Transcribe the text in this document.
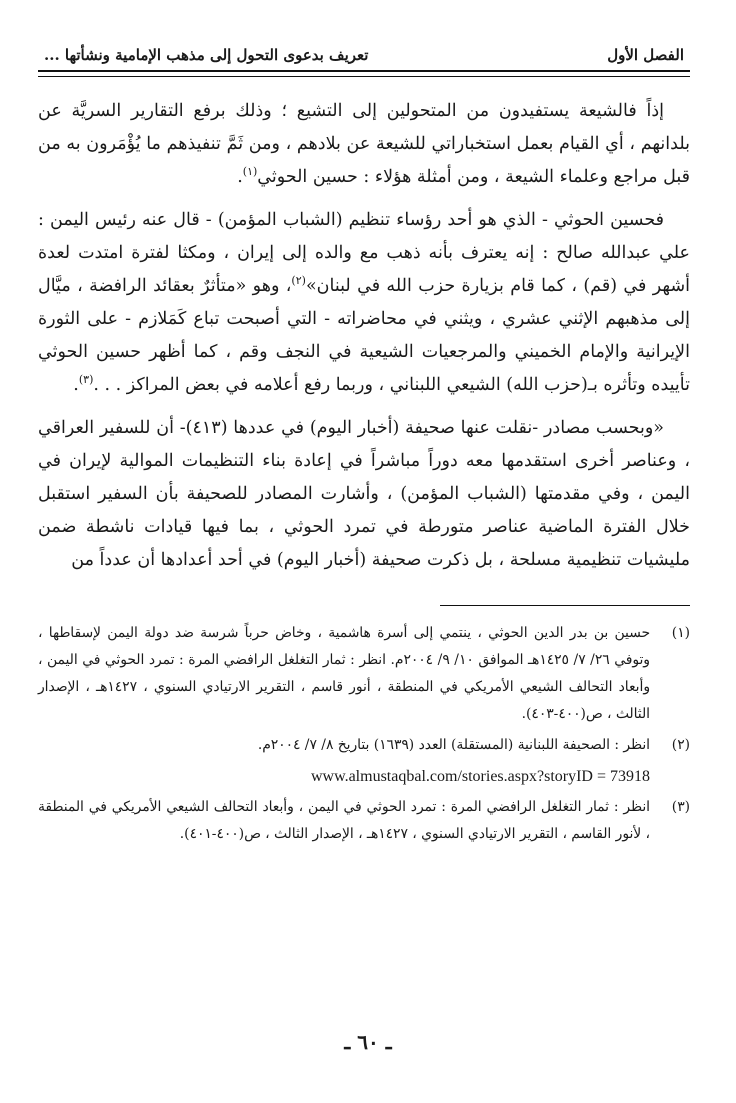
الفصل الأول
تعريف بدعوى التحول إلى مذهب الإمامية ونشأتها ...

إذاً فالشيعة يستفيدون من المتحولين إلى التشيع ؛ وذلك برفع التقارير السريَّة عن بلدانهم ، أي القيام بعمل استخباراتي للشيعة عن بلادهم ، ومن ثَمَّ تنفيذهم ما يُؤْمَرون به من قبل مراجع وعلماء الشيعة ، ومن أمثلة هؤلاء : حسين الحوثي$^{(١)}$.

فحسين الحوثي - الذي هو أحد رؤساء تنظيم (الشباب المؤمن) - قال عنه رئيس اليمن : علي عبدالله صالح : إنه يعترف بأنه ذهب مع والده إلى إيران ، ومكثا لفترة امتدت لعدة أشهر في (قم) ، كما قام بزيارة حزب الله في لبنان»$^{(٢)}$، وهو «متأثرٌ بعقائد الرافضة ، ميَّال إلى مذهبهم الإثني عشري ، ويثني في محاضراته - التي أصبحت تباع كَمَلازم - على الثورة الإيرانية والإمام الخميني والمرجعيات الشيعية في النجف وقم ، كما أظهر حسين الحوثي تأييده وتأثره بـ(حزب الله) الشيعي اللبناني ، وربما رفع أعلامه في بعض المراكز . . .$^{(٣)}$.

«وبحسب مصادر -نقلت عنها صحيفة (أخبار اليوم) في عددها (٤١٣)- أن للسفير العراقي ، وعناصر أخرى استقدمها معه دوراً مباشراً في إعادة بناء التنظيمات الموالية لإيران في اليمن ، وفي مقدمتها (الشباب المؤمن) ، وأشارت المصادر للصحيفة بأن السفير استقبل خلال الفترة الماضية عناصر متورطة في تمرد الحوثي ، بما فيها قيادات ناشطة ضمن مليشيات تنظيمية مسلحة ، بل ذكرت صحيفة (أخبار اليوم) في أحد أعدادها أن عدداً من

(١)
حسين بن بدر الدين الحوثي ، ينتمي إلى أسرة هاشمية ، وخاض حرباً شرسة ضد دولة اليمن لإسقاطها ، وتوفي ٢٦/ ٧/ ١٤٢٥هـ الموافق ١٠/ ٩/ ٢٠٠٤م. انظر : ثمار التغلغل الرافضي المرة : تمرد الحوثي في اليمن ، وأبعاد التحالف الشيعي الأمريكي في المنطقة ، أنور قاسم ، التقرير الارتيادي السنوي ، ١٤٢٧هـ ، الإصدار الثالث ، ص(٤٠٠-٤٠٣).
(٢)
انظر : الصحيفة اللبنانية (المستقلة) العدد (١٦٣٩) بتاريخ ٨/ ٧/ ٢٠٠٤م.
www.almustaqbal.com/stories.aspx?storyID = 73918
(٣)
انظر : ثمار التغلغل الرافضي المرة : تمرد الحوثي في اليمن ، وأبعاد التحالف الشيعي الأمريكي في المنطقة ، لأنور القاسم ، التقرير الارتيادي السنوي ، ١٤٢٧هـ ، الإصدار الثالث ، ص(٤٠٠-٤٠١).
ـ ٦٠ ـ
